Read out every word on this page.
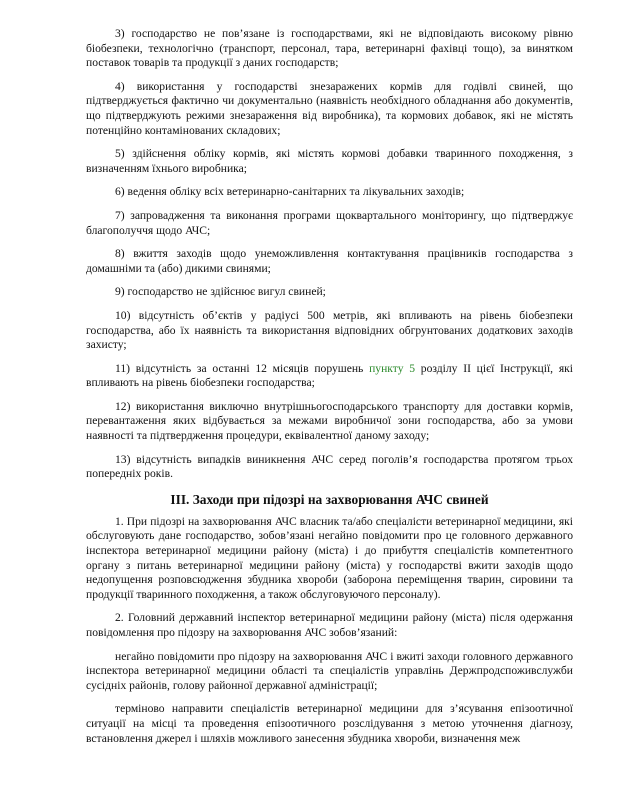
3) господарство не пов’язане із господарствами, які не відповідають високому рівню біобезпеки, технологічно (транспорт, персонал, тара, ветеринарні фахівці тощо), за винятком поставок товарів та продукції з даних господарств;

4) використання у господарстві знезаражених кормів для годівлі свиней, що підтверджується фактично чи документально (наявність необхідного обладнання або документів, що підтверджують режими знезараження від виробника), та кормових добавок, які не містять потенційно контамінованих складових;

5) здійснення обліку кормів, які містять кормові добавки тваринного походження, з визначенням їхнього виробника;

6) ведення обліку всіх ветеринарно-санітарних та лікувальних заходів;

7) запровадження та виконання програми щоквартального моніторингу, що підтверджує благополуччя щодо АЧС;

8) вжиття заходів щодо унеможливлення контактування працівників господарства з домашніми та (або) дикими свинями;

9) господарство не здійснює вигул свиней;

10) відсутність об’єктів у радіусі 500 метрів, які впливають на рівень біобезпеки господарства, або їх наявність та використання відповідних обгрунтованих додаткових заходів захисту;

11) відсутність за останні 12 місяців порушень пункту 5 розділу ІІ цієї Інструкції, які впливають на рівень біобезпеки господарства;

12) використання виключно внутрішньогосподарського транспорту для доставки кормів, перевантаження яких відбувається за межами виробничої зони господарства, або за умови наявності та підтвердження процедури, еквівалентної даному заходу;

13) відсутність випадків виникнення АЧС серед поголів’я господарства протягом трьох попередніх років.

ІІІ. Заходи при підозрі на захворювання АЧС свиней

1. При підозрі на захворювання АЧС власник та/або спеціалісти ветеринарної медицини, які обслуговують дане господарство, зобов’язані негайно повідомити про це головного державного інспектора ветеринарної медицини району (міста) і до прибуття спеціалістів компетентного органу з питань ветеринарної медицини району (міста) у господарстві вжити заходів щодо недопущення розповсюдження збудника хвороби (заборона переміщення тварин, сировини та продукції тваринного походження, а також обслуговуючого персоналу).

2. Головний державний інспектор ветеринарної медицини району (міста) після одержання повідомлення про підозру на захворювання АЧС зобов’язаний:

негайно повідомити про підозру на захворювання АЧС і вжиті заходи головного державного інспектора ветеринарної медицини області та спеціалістів управлінь Держпродспоживслужби сусідніх районів, голову районної державної адміністрації;

терміново направити спеціалістів ветеринарної медицини для з’ясування епізоотичної ситуації на місці та проведення епізоотичного розслідування з метою уточнення діагнозу, встановлення джерел і шляхів можливого занесення збудника хвороби, визначення меж
